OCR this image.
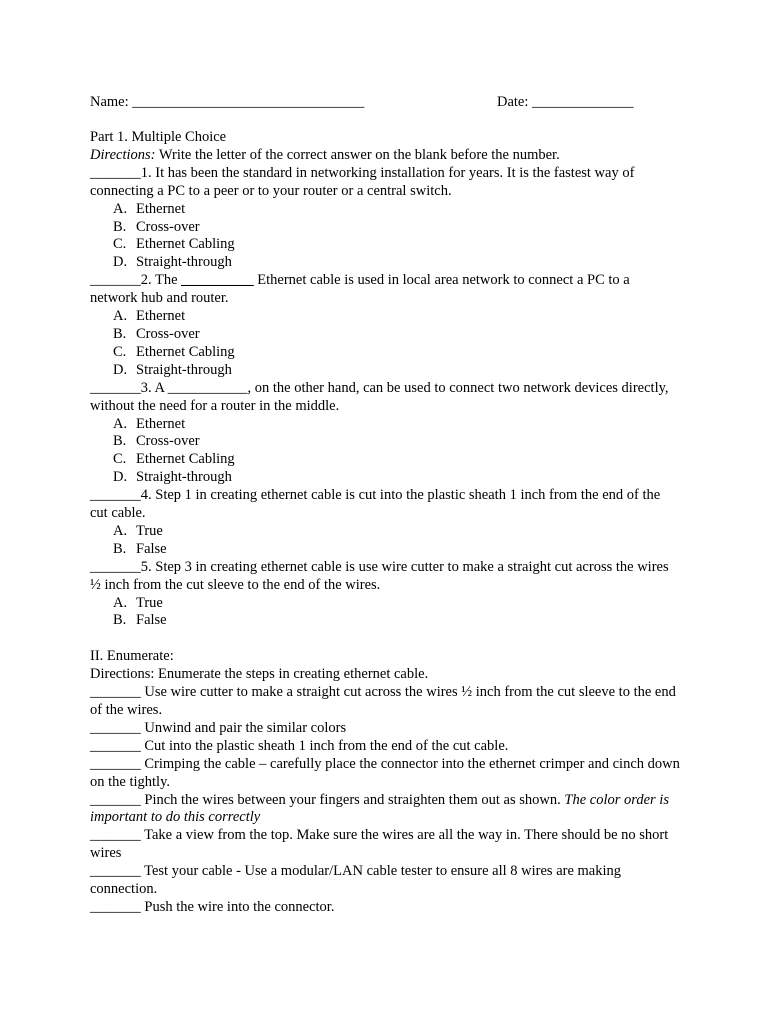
Name: ________________________________	Date: ______________

Part 1. Multiple Choice

Directions: Write the letter of the correct answer on the blank before the number.

_______1. It has been the standard in networking installation for years. It is the fastest way of connecting a PC to a peer or to your router or a central switch.

A. Ethernet
B. Cross-over
C. Ethernet Cabling
D. Straight-through

_______2. The __________ Ethernet cable is used in local area network to connect a PC to a network hub and router.

A. Ethernet
B. Cross-over
C. Ethernet Cabling
D. Straight-through

_______3. A ___________, on the other hand, can be used to connect two network devices directly, without the need for a router in the middle.

A. Ethernet
B. Cross-over
C. Ethernet Cabling
D. Straight-through

_______4. Step 1 in creating ethernet cable is cut into the plastic sheath 1 inch from the end of the cut cable.

A. True
B. False

_______5. Step 3 in creating ethernet cable is use wire cutter to make a straight cut across the wires ½ inch from the cut sleeve to the end of the wires.

A. True
B. False

II. Enumerate:

Directions: Enumerate the steps in creating ethernet cable.

_______ Use wire cutter to make a straight cut across the wires ½ inch from the cut sleeve to the end of the wires.

_______ Unwind and pair the similar colors

_______ Cut into the plastic sheath 1 inch from the end of the cut cable.

_______ Crimping the cable – carefully place the connector into the ethernet crimper and cinch down on the tightly.

_______ Pinch the wires between your fingers and straighten them out as shown. The color order is important to do this correctly

_______ Take a view from the top. Make sure the wires are all the way in. There should be no short wires

_______ Test your cable - Use a modular/LAN cable tester to ensure all 8 wires are making connection.

_______ Push the wire into the connector.
